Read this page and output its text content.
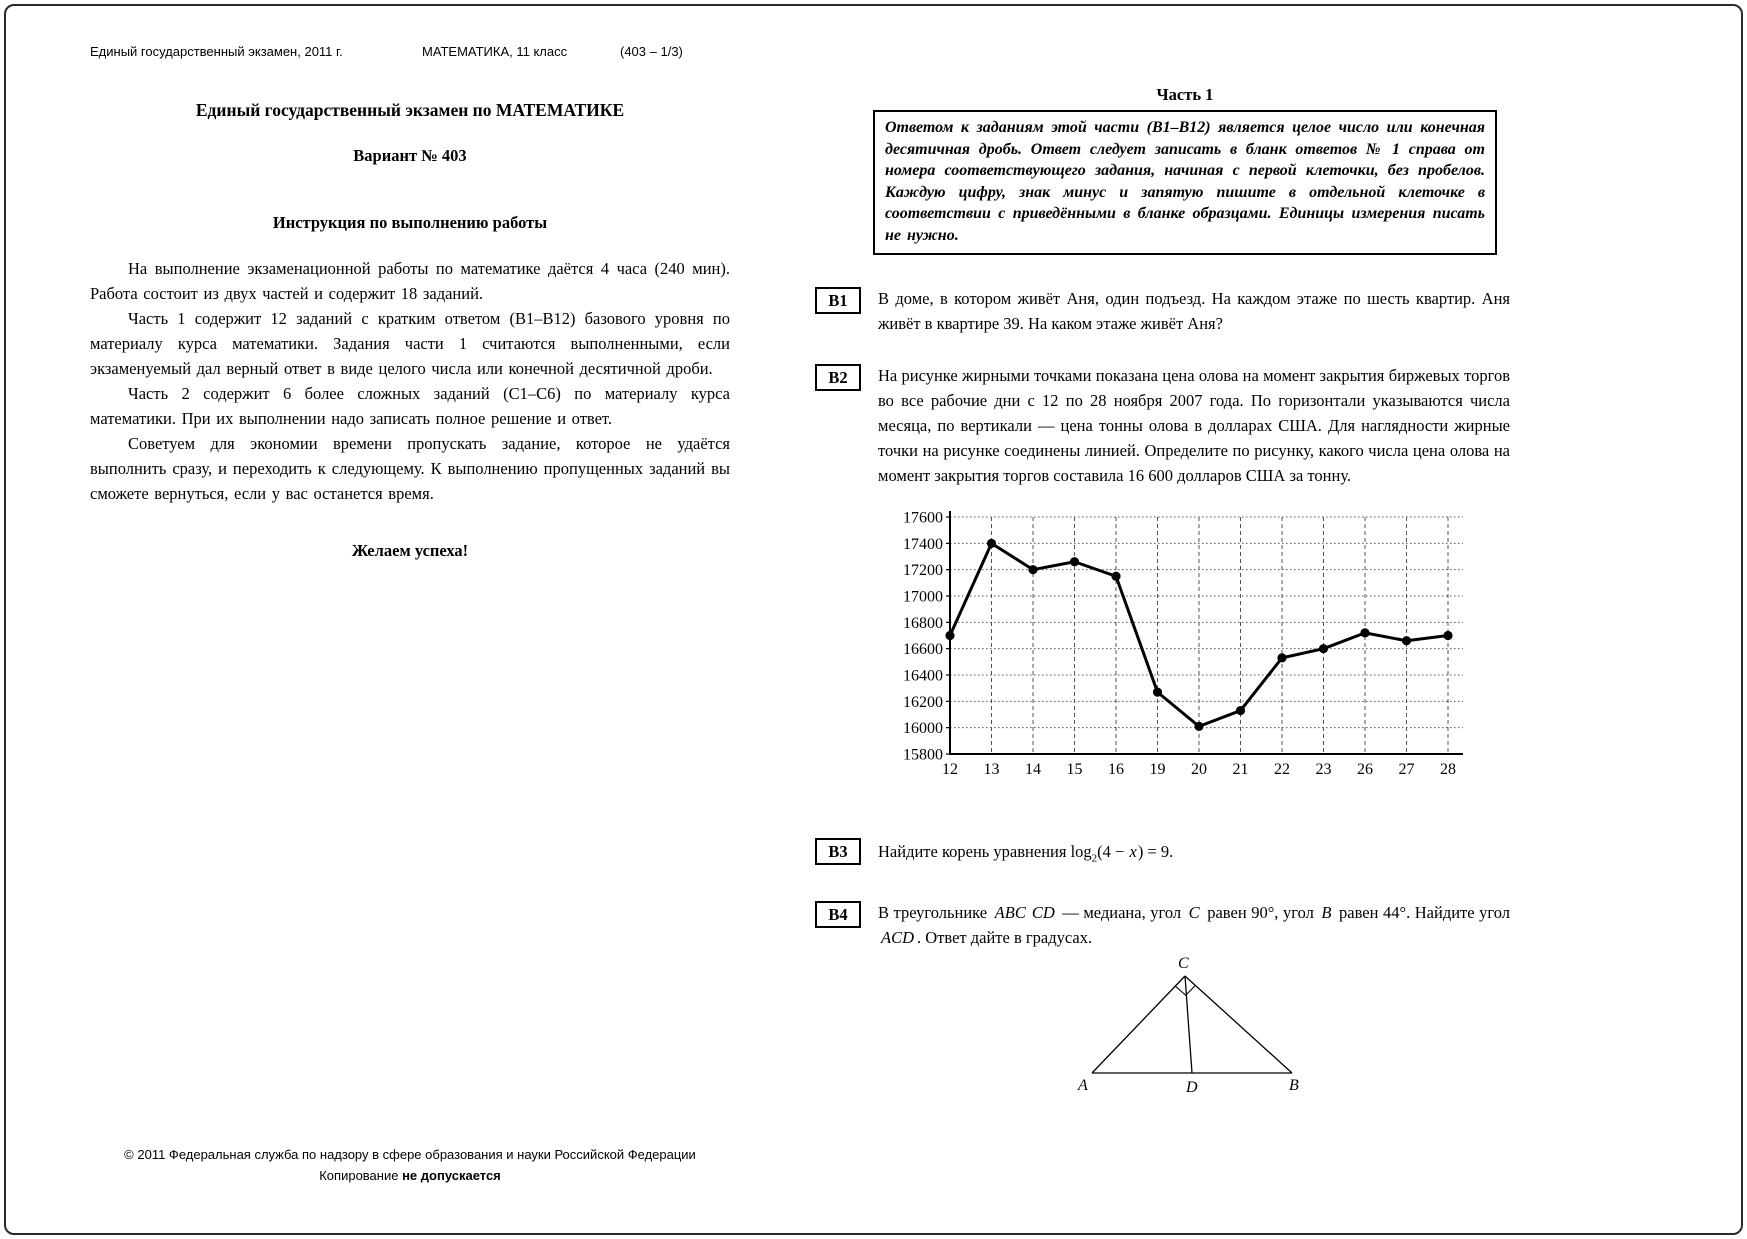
Единый государственный экзамен, 2011 г.	МАТЕМАТИКА, 11 класс	(403 – 1/3)
Единый государственный экзамен по МАТЕМАТИКЕ
Вариант № 403
Инструкция по выполнению работы

На выполнение экзаменационной работы по математике даётся 4 часа (240 мин). Работа состоит из двух частей и содержит 18 заданий.

Часть 1 содержит 12 заданий с кратким ответом (В1–В12) базового уровня по материалу курса математики. Задания части 1 считаются выполненными, если экзаменуемый дал верный ответ в виде целого числа или конечной десятичной дроби.

Часть 2 содержит 6 более сложных заданий (С1–С6) по материалу курса математики. При их выполнении надо записать полное решение и ответ.

Советуем для экономии времени пропускать задание, которое не удаётся выполнить сразу, и переходить к следующему. К выполнению пропущенных заданий вы сможете вернуться, если у вас останется время.

Желаем успеха!
© 2011 Федеральная служба по надзору в сфере образования и науки Российской Федерации
Копирование не допускается
Часть 1
Ответом к заданиям этой части (В1–В12) является целое число или конечная десятичная дробь. Ответ следует записать в бланк ответов № 1 справа от номера соответствующего задания, начиная с первой клеточки, без пробелов. Каждую цифру, знак минус и запятую пишите в отдельной клеточке в соответствии с приведёнными в бланке образцами. Единицы измерения писать не нужно.
В1	В доме, в котором живёт Аня, один подъезд. На каждом этаже по шесть квартир. Аня живёт в квартире 39. На каком этаже живёт Аня?
В2	На рисунке жирными точками показана цена олова на момент закрытия биржевых торгов во все рабочие дни с 12 по 28 ноября 2007 года. По горизонтали указываются числа месяца, по вертикали — цена тонны олова в долларах США. Для наглядности жирные точки на рисунке соединены линией. Определите по рисунку, какого числа цена олова на момент закрытия торгов составила 16 600 долларов США за тонну.
15800
16000
16200
16400
16600
16800
17000
17200
17400
17600
12 13 14 15 16 19 20 21 22 23 26 27 28
В3	Найдите корень уравнения $\log_2(4 - x) = 9$.
В4	В треугольнике ABC CD — медиана, угол C равен 90°, угол B равен 44°. Найдите угол ACD . Ответ дайте в градусах.
C
A	D	B
